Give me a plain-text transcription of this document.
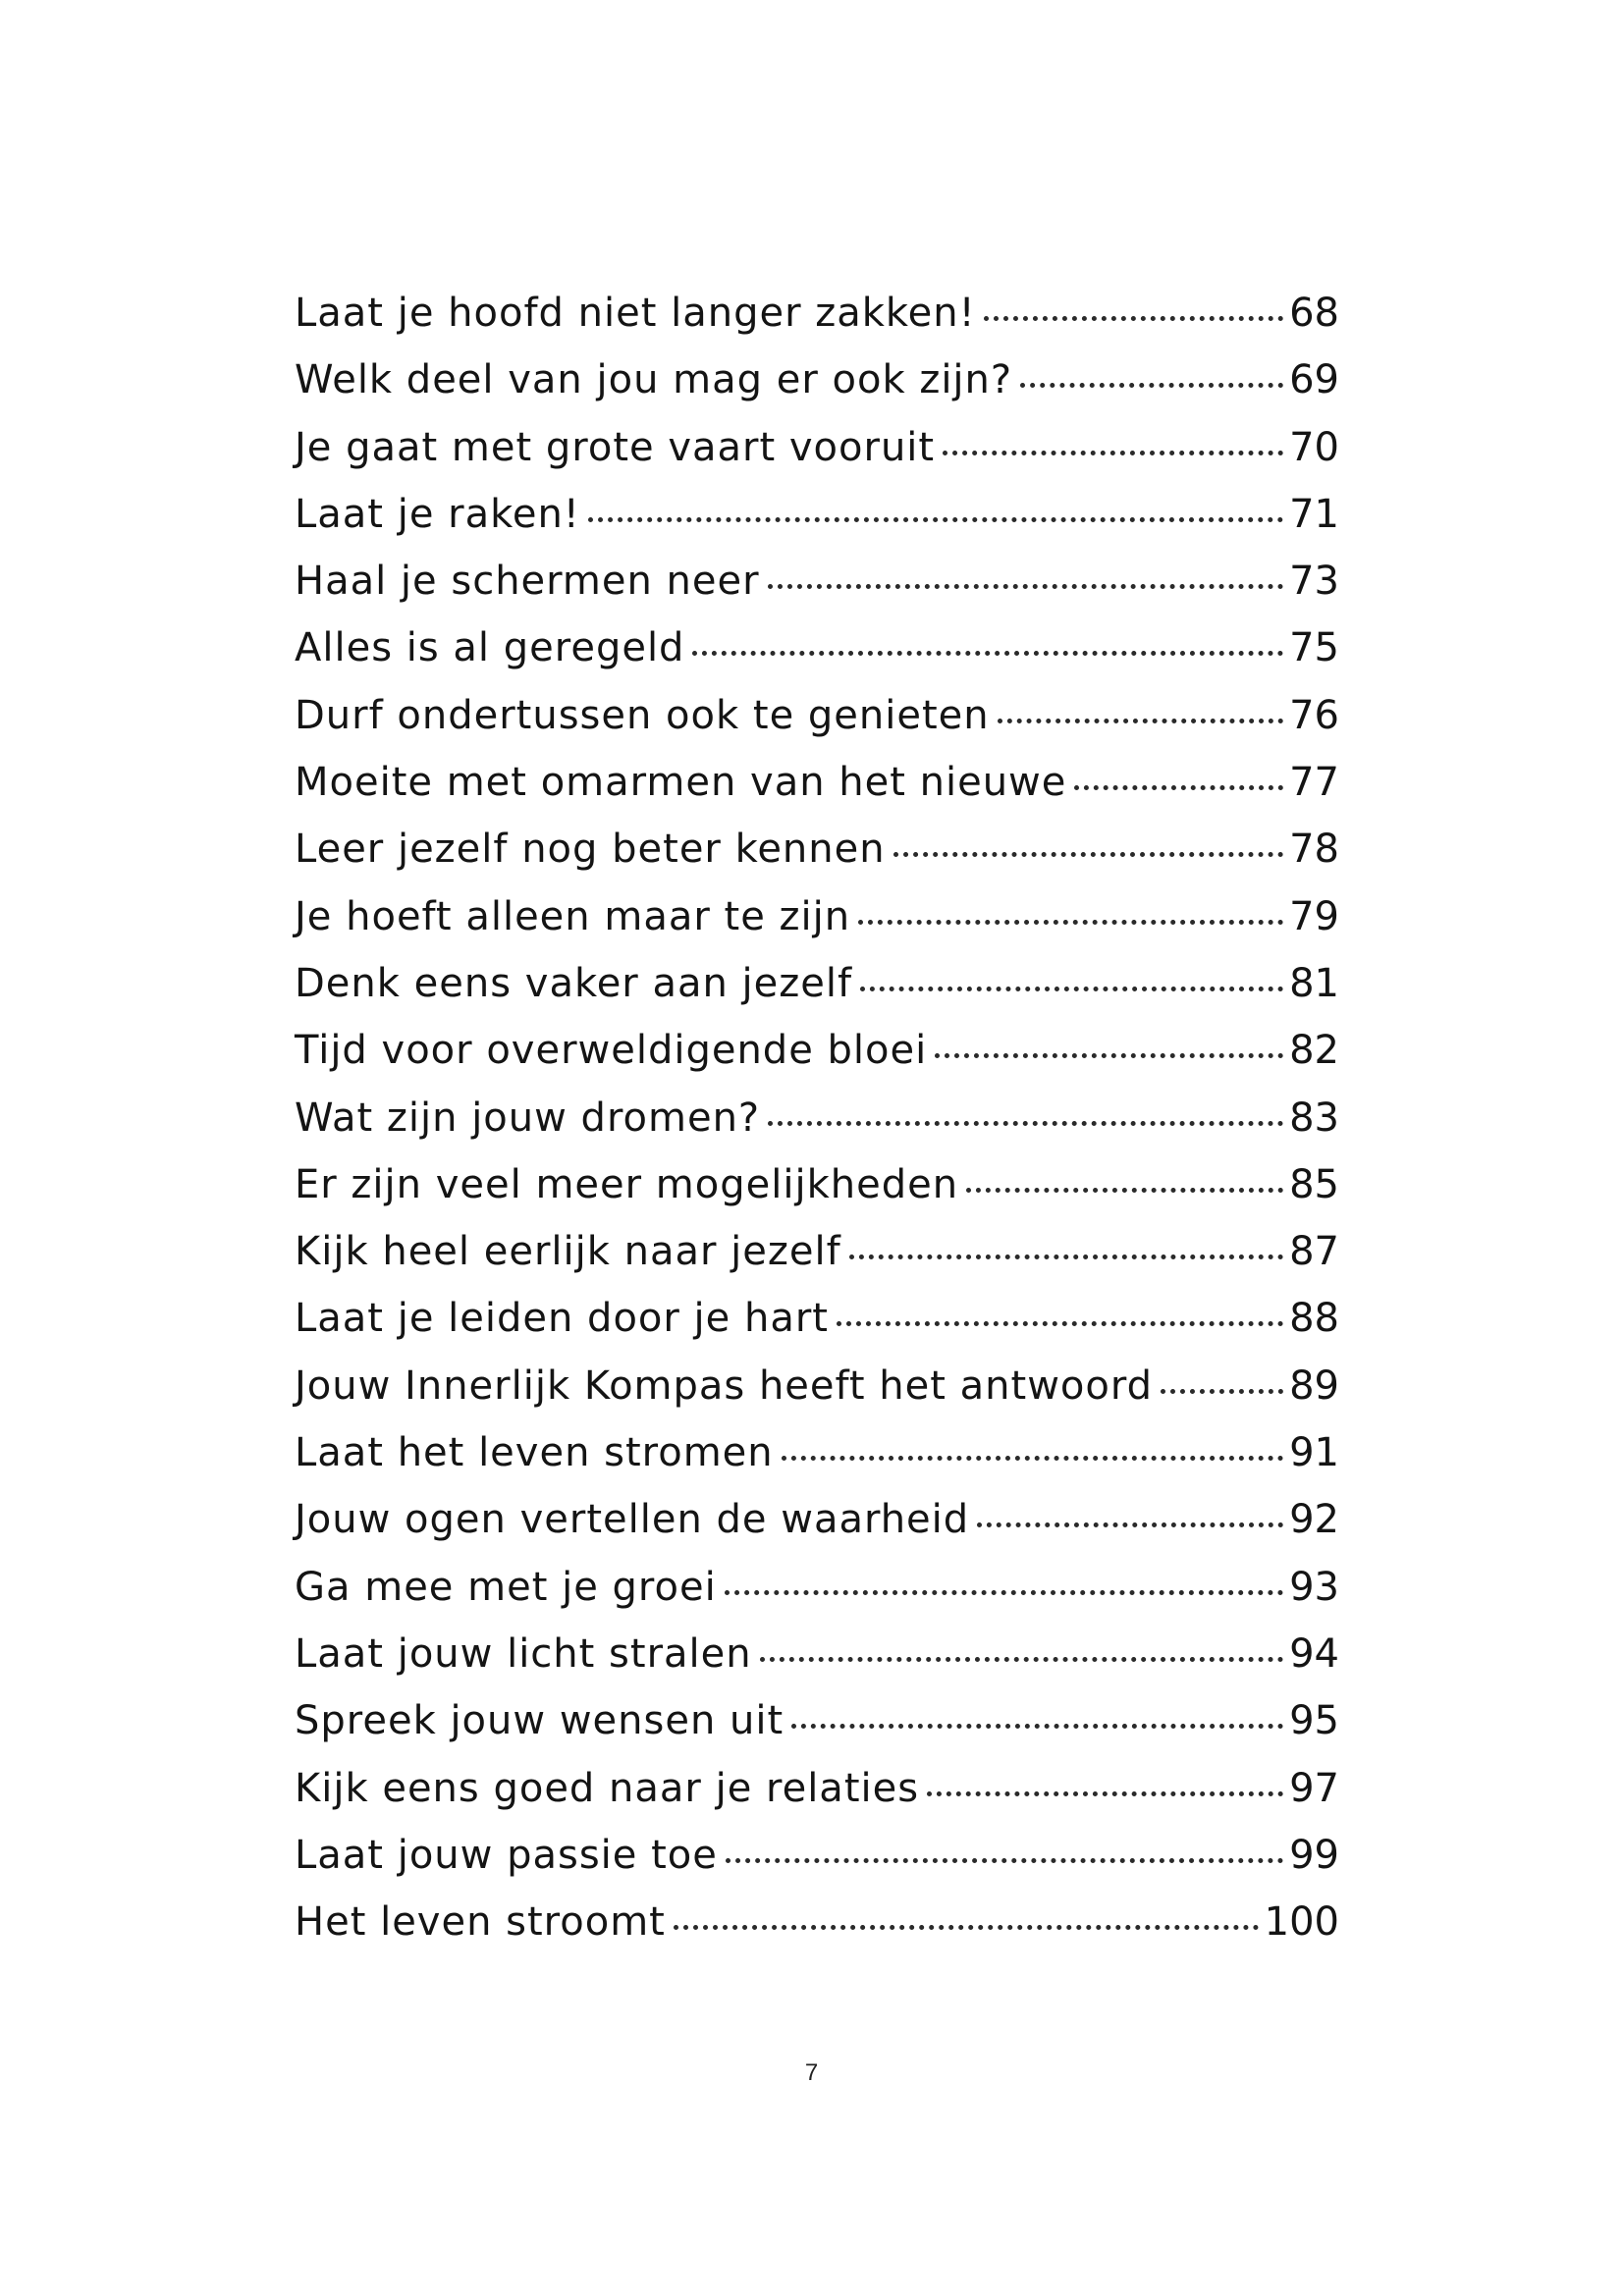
Laat je hoofd niet langer zakken!	68
Welk deel van jou mag er ook zijn?	69
Je gaat met grote vaart vooruit	70
Laat je raken!	71
Haal je schermen neer	73
Alles is al geregeld	75
Durf ondertussen ook te genieten	76
Moeite met omarmen van het nieuwe	77
Leer jezelf nog beter kennen	78
Je hoeft alleen maar te zijn	79
Denk eens vaker aan jezelf	81
Tijd voor overweldigende bloei	82
Wat zijn jouw dromen?	83
Er zijn veel meer mogelijkheden	85
Kijk heel eerlijk naar jezelf	87
Laat je leiden door je hart	88
Jouw Innerlijk Kompas heeft het antwoord	89
Laat het leven stromen	91
Jouw ogen vertellen de waarheid	92
Ga mee met je groei	93
Laat jouw licht stralen	94
Spreek jouw wensen uit	95
Kijk eens goed naar je relaties	97
Laat jouw passie toe	99
Het leven stroomt	100
7
